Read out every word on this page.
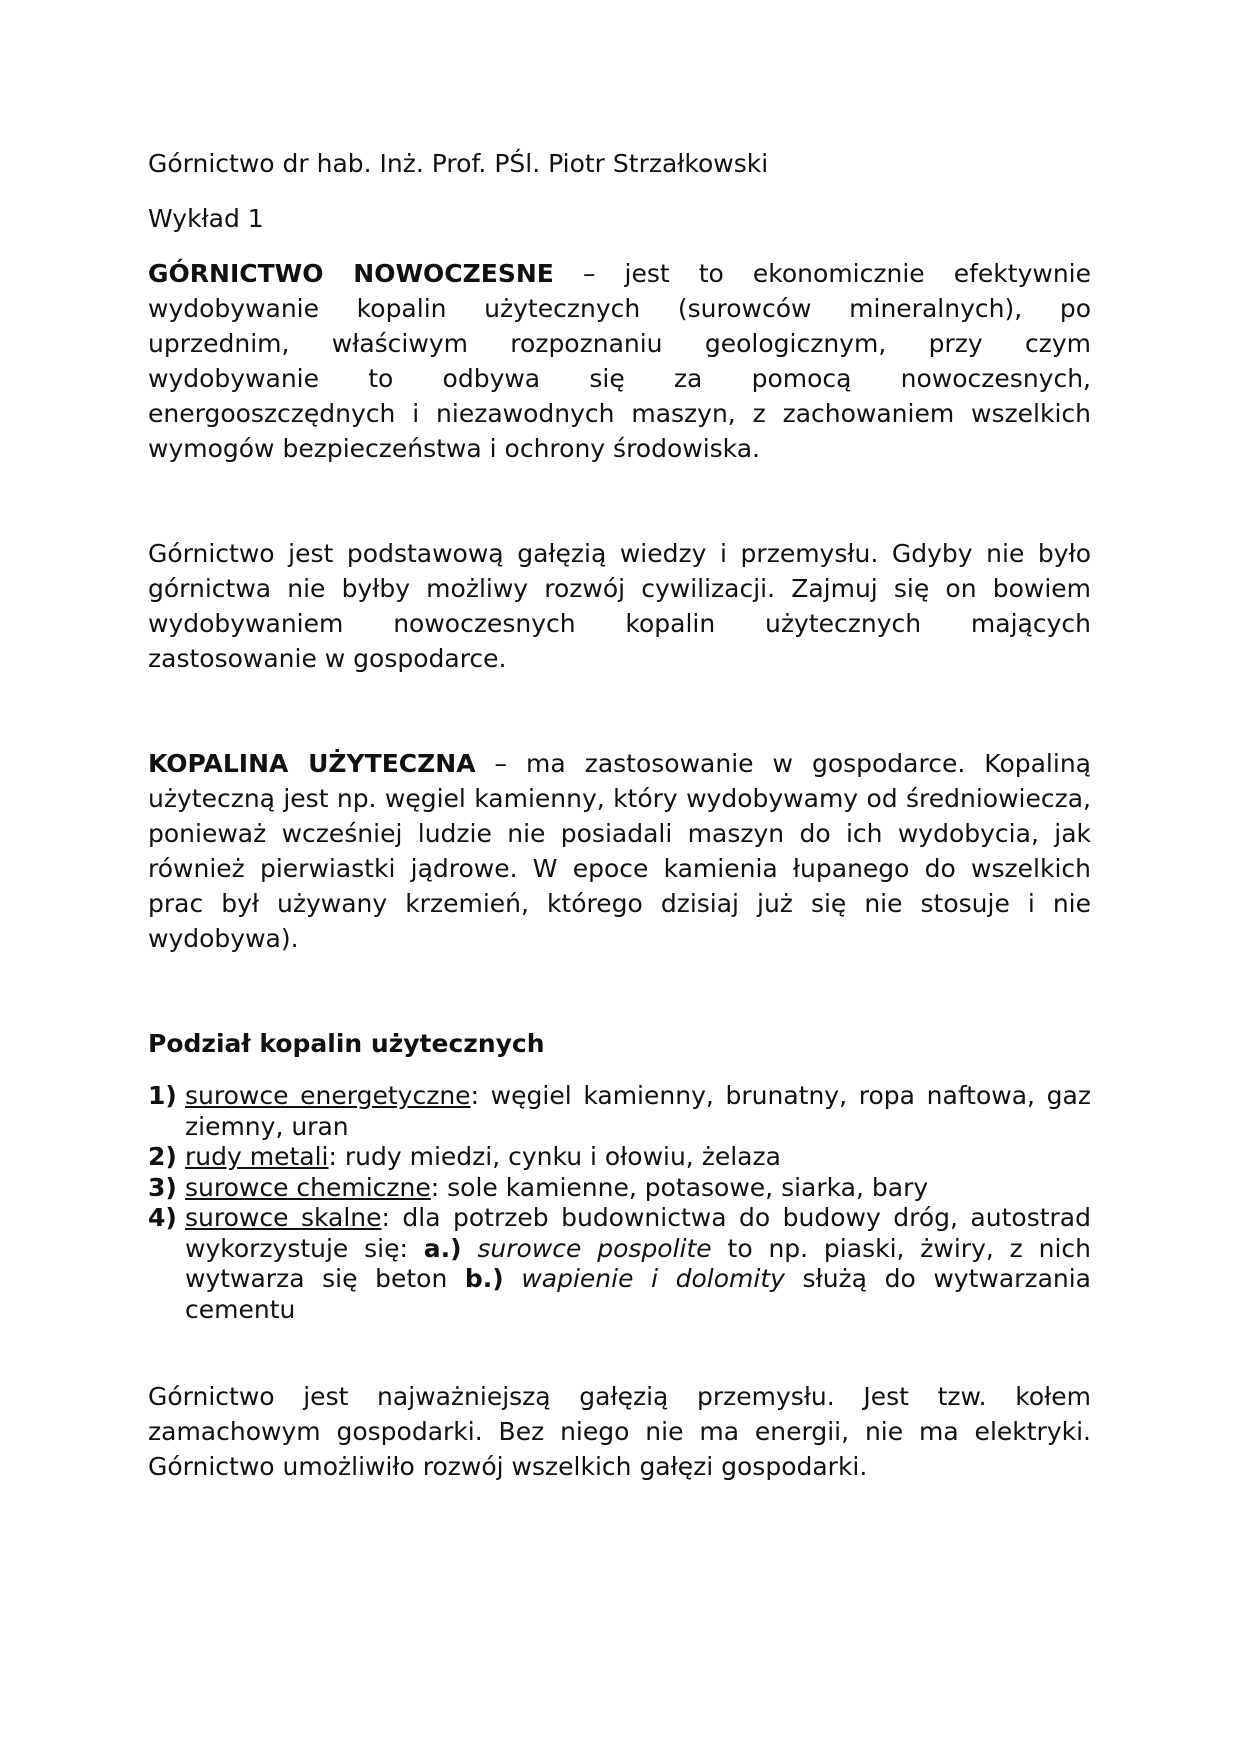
Górnictwo dr hab. Inż. Prof. PŚl. Piotr Strzałkowski

Wykład 1

GÓRNICTWO NOWOCZESNE – jest to ekonomicznie efektywnie wydobywanie kopalin użytecznych (surowców mineralnych), po uprzednim, właściwym rozpoznaniu geologicznym, przy czym wydobywanie to odbywa się za pomocą nowoczesnych, energooszczędnych i niezawodnych maszyn, z zachowaniem wszelkich wymogów bezpieczeństwa i ochrony środowiska.

Górnictwo jest podstawową gałęzią wiedzy i przemysłu. Gdyby nie było górnictwa nie byłby możliwy rozwój cywilizacji. Zajmuj się on bowiem wydobywaniem nowoczesnych kopalin użytecznych mających zastosowanie w gospodarce.

KOPALINA UŻYTECZNA – ma zastosowanie w gospodarce. Kopaliną użyteczną jest np. węgiel kamienny, który wydobywamy od średniowiecza, ponieważ wcześniej ludzie nie posiadali maszyn do ich wydobycia, jak również pierwiastki jądrowe. W epoce kamienia łupanego do wszelkich prac był używany krzemień, którego dzisiaj już się nie stosuje i nie wydobywa).

Podział kopalin użytecznych

1) surowce energetyczne: węgiel kamienny, brunatny, ropa naftowa, gaz ziemny, uran
2) rudy metali: rudy miedzi, cynku i ołowiu, żelaza
3) surowce chemiczne: sole kamienne, potasowe, siarka, bary
4) surowce skalne: dla potrzeb budownictwa do budowy dróg, autostrad wykorzystuje się: a.) surowce pospolite to np. piaski, żwiry, z nich wytwarza się beton b.) wapienie i dolomity służą do wytwarzania cementu

Górnictwo jest najważniejszą gałęzią przemysłu. Jest tzw. kołem zamachowym gospodarki. Bez niego nie ma energii, nie ma elektryki. Górnictwo umożliwiło rozwój wszelkich gałęzi gospodarki.
